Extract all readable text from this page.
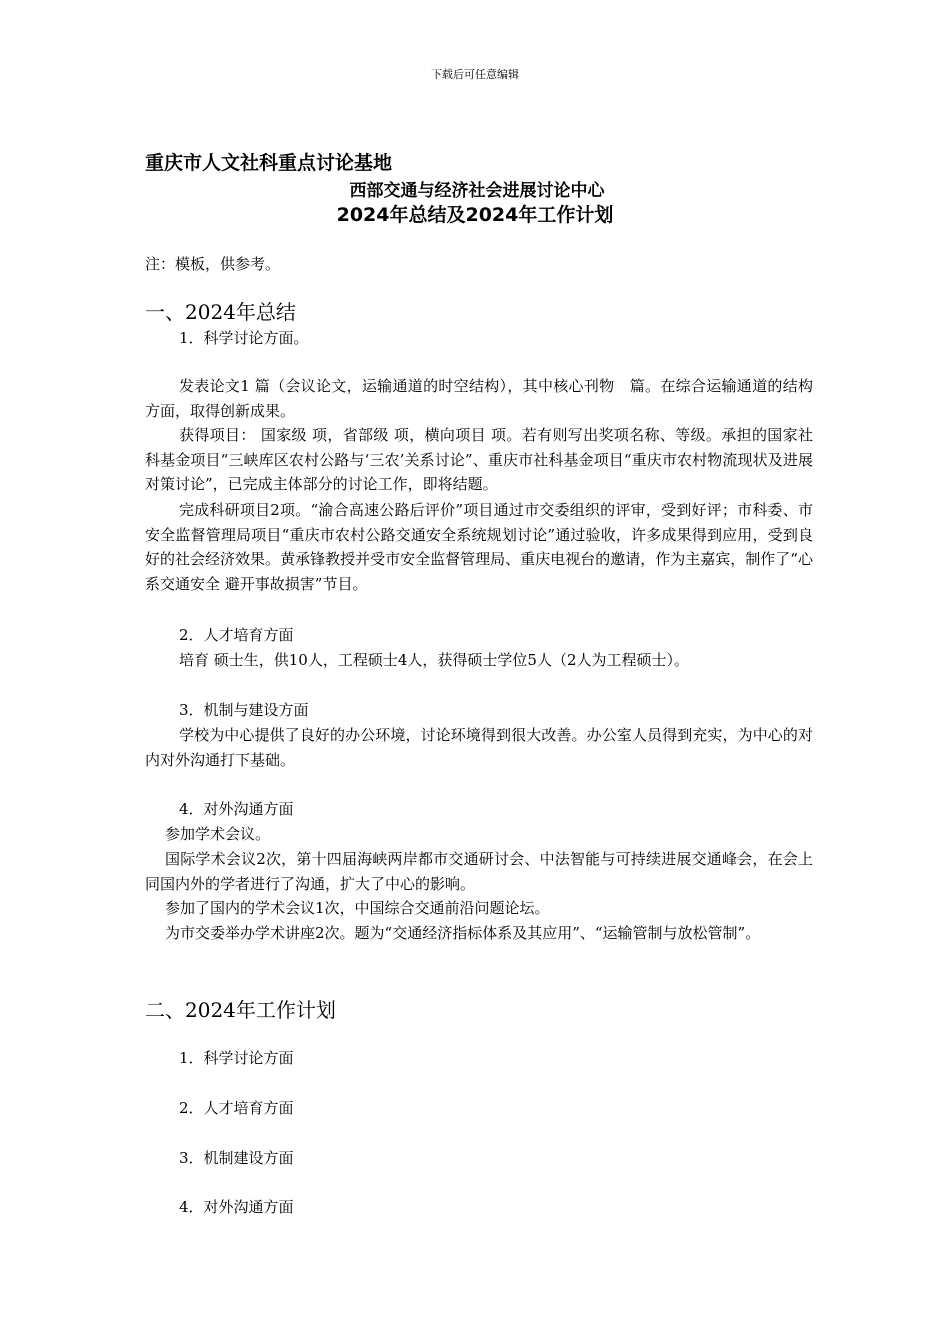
下载后可任意编辑
重庆市人文社科重点讨论基地
西部交通与经济社会进展讨论中心
2024年总结及2024年工作计划
注：模板，供参考。
一、2024年总结
1．科学讨论方面。
发表论文1 篇（会议论文，运输通道的时空结构），其中核心刊物　篇。在综合运输通道的结构方面，取得创新成果。
获得项目： 国家级 项，省部级 项，横向项目 项。若有则写出奖项名称、等级。承担的国家社科基金项目“三峡库区农村公路与‘三农’关系讨论”、重庆市社科基金项目“重庆市农村物流现状及进展对策讨论”，已完成主体部分的讨论工作，即将结题。
完成科研项目2项。“渝合高速公路后评价”项目通过市交委组织的评审，受到好评；市科委、市安全监督管理局项目“重庆市农村公路交通安全系统规划讨论”通过验收，许多成果得到应用，受到良好的社会经济效果。黄承锋教授并受市安全监督管理局、重庆电视台的邀请，作为主嘉宾，制作了“心系交通安全 避开事故损害”节目。
2．人才培育方面
培育 硕士生，供10人，工程硕士4人，获得硕士学位5人（2人为工程硕士）。
3．机制与建设方面
学校为中心提供了良好的办公环境，讨论环境得到很大改善。办公室人员得到充实，为中心的对内对外沟通打下基础。
4．对外沟通方面
参加学术会议。
国际学术会议2次，第十四届海峡两岸都市交通研讨会、中法智能与可持续进展交通峰会，在会上同国内外的学者进行了沟通，扩大了中心的影响。
参加了国内的学术会议1次，中国综合交通前沿问题论坛。
为市交委举办学术讲座2次。题为“交通经济指标体系及其应用”、“运输管制与放松管制”。
二、2024年工作计划
1．科学讨论方面
2．人才培育方面
3．机制建设方面
4．对外沟通方面
